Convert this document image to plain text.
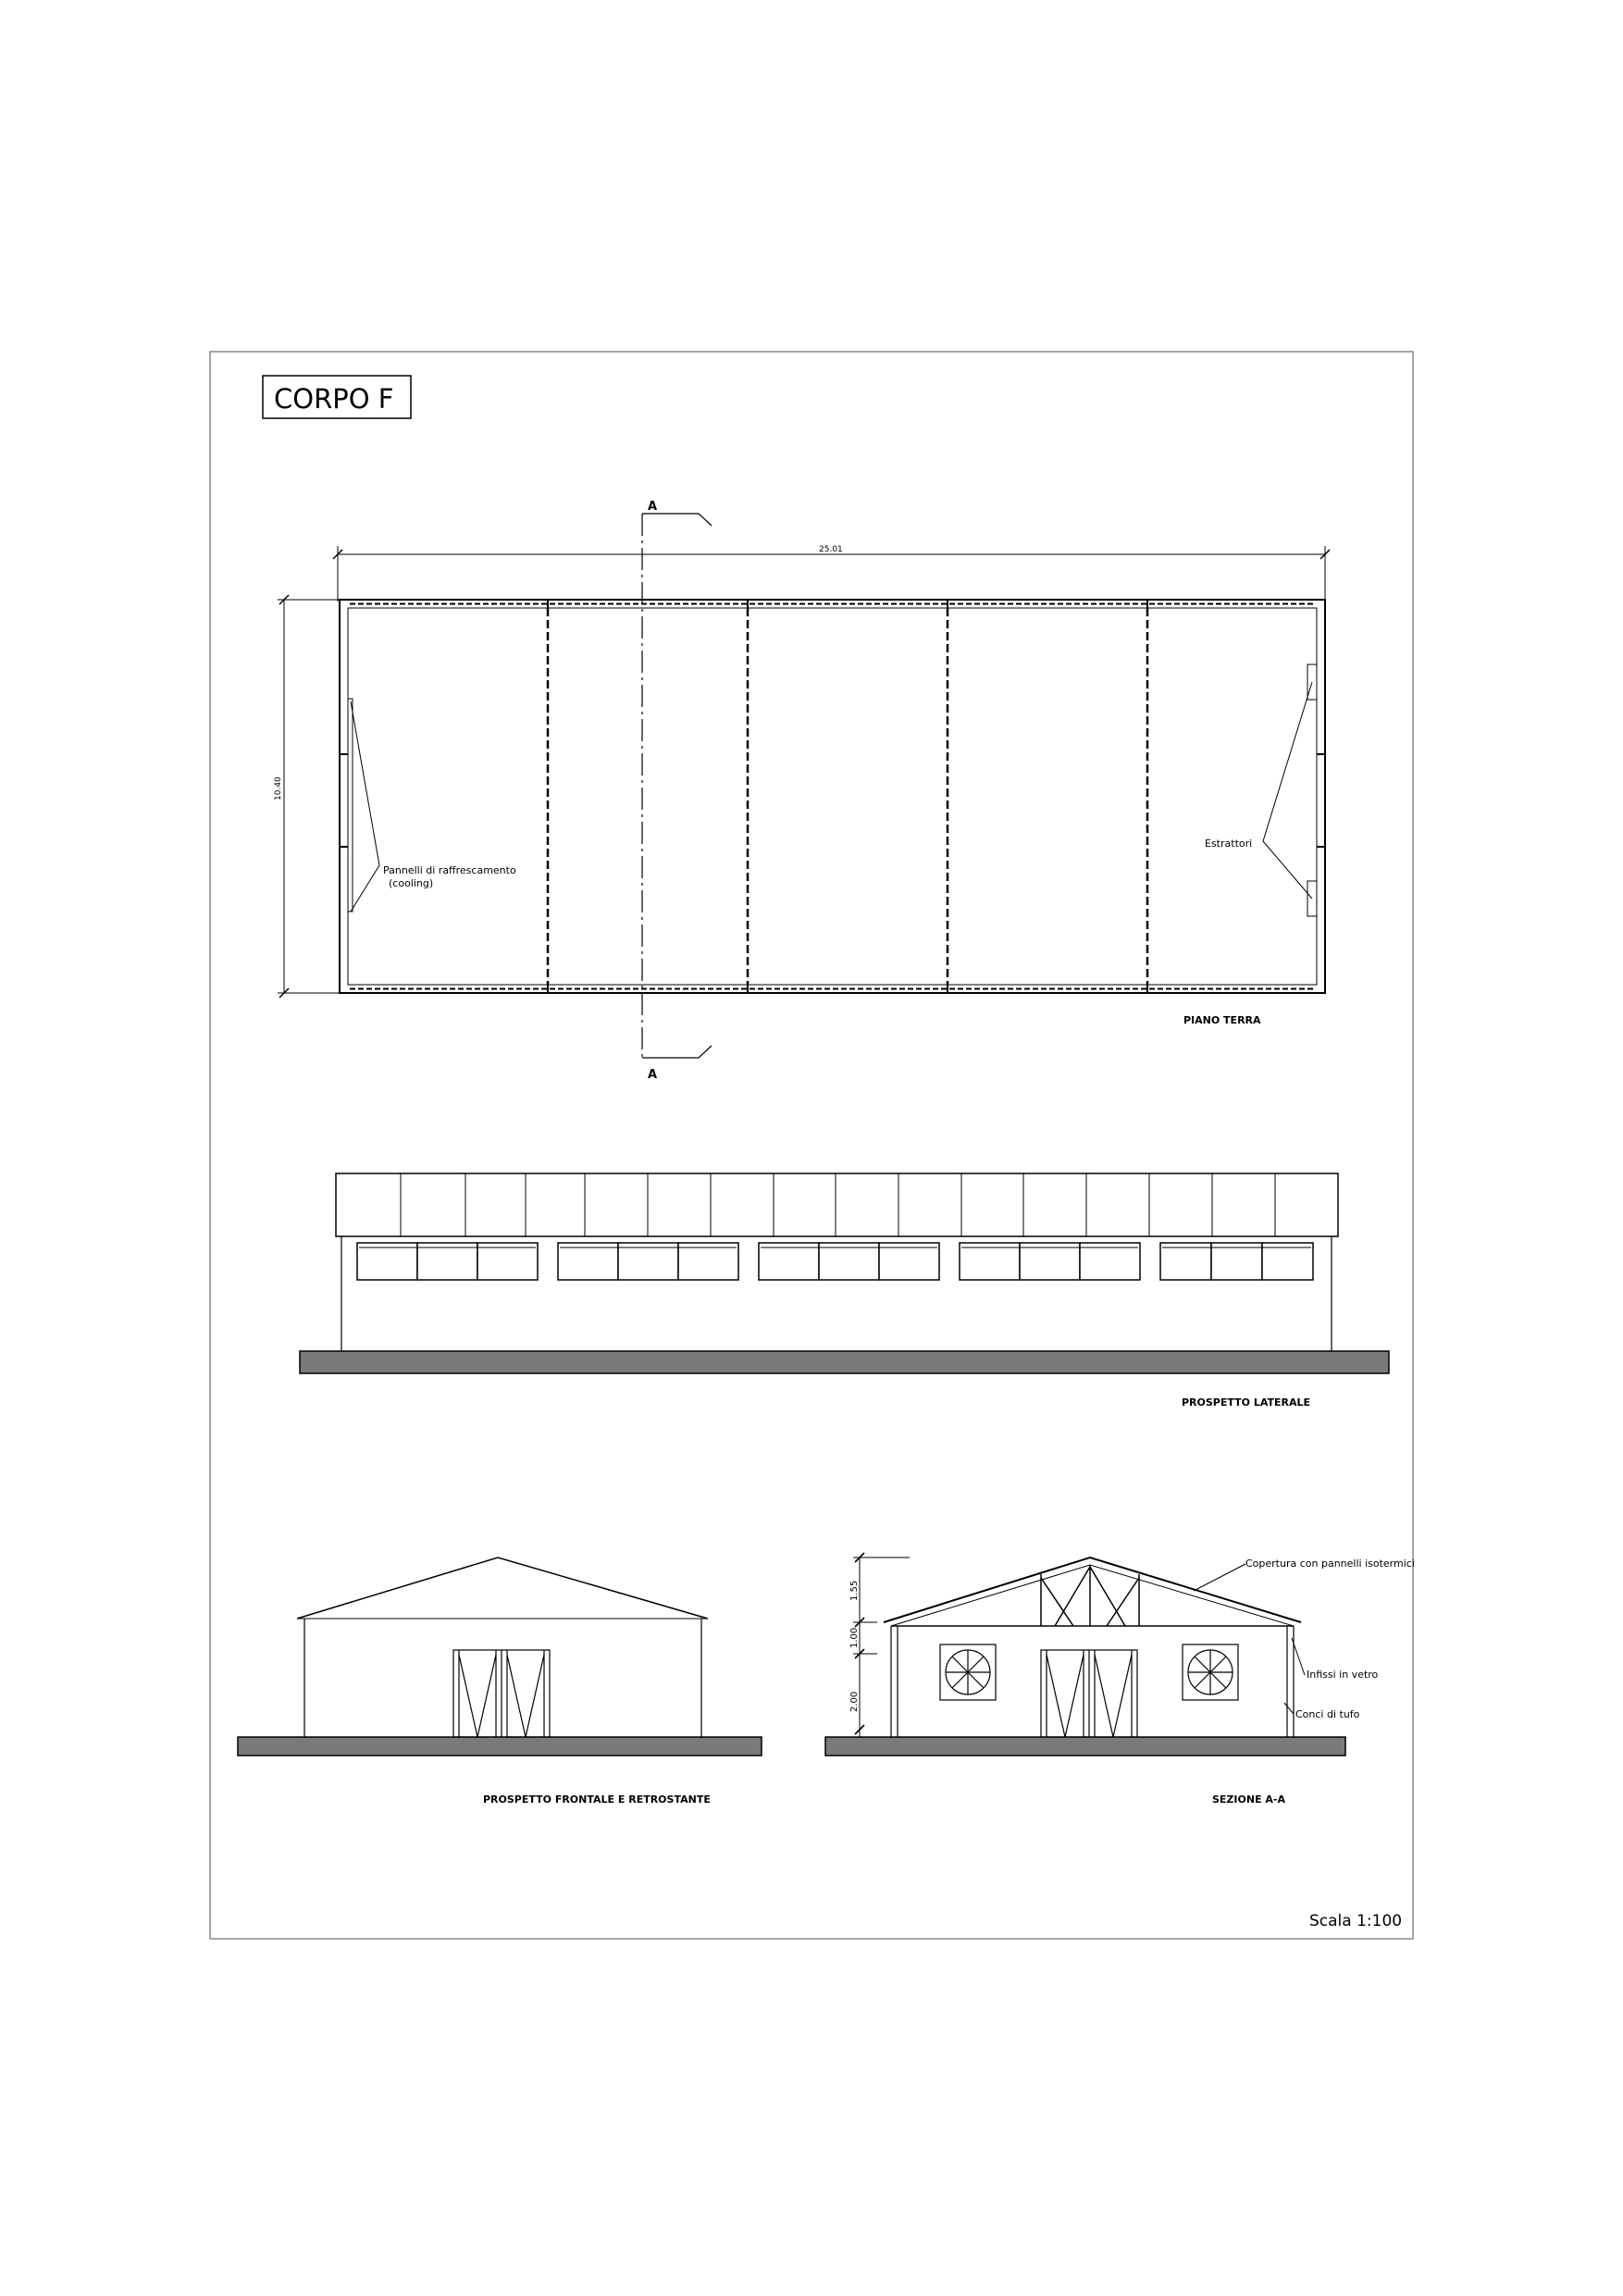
CORPO F
25.01
10.40
A
A
Pannelli di raffrescamento
(cooling)
Estrattori
PIANO TERRA
PROSPETTO LATERALE
PROSPETTO FRONTALE E RETROSTANTE
1.55
1.00
2.00
Copertura con pannelli isotermici
Infissi in vetro
Conci di tufo
SEZIONE A-A
Scala 1:100
